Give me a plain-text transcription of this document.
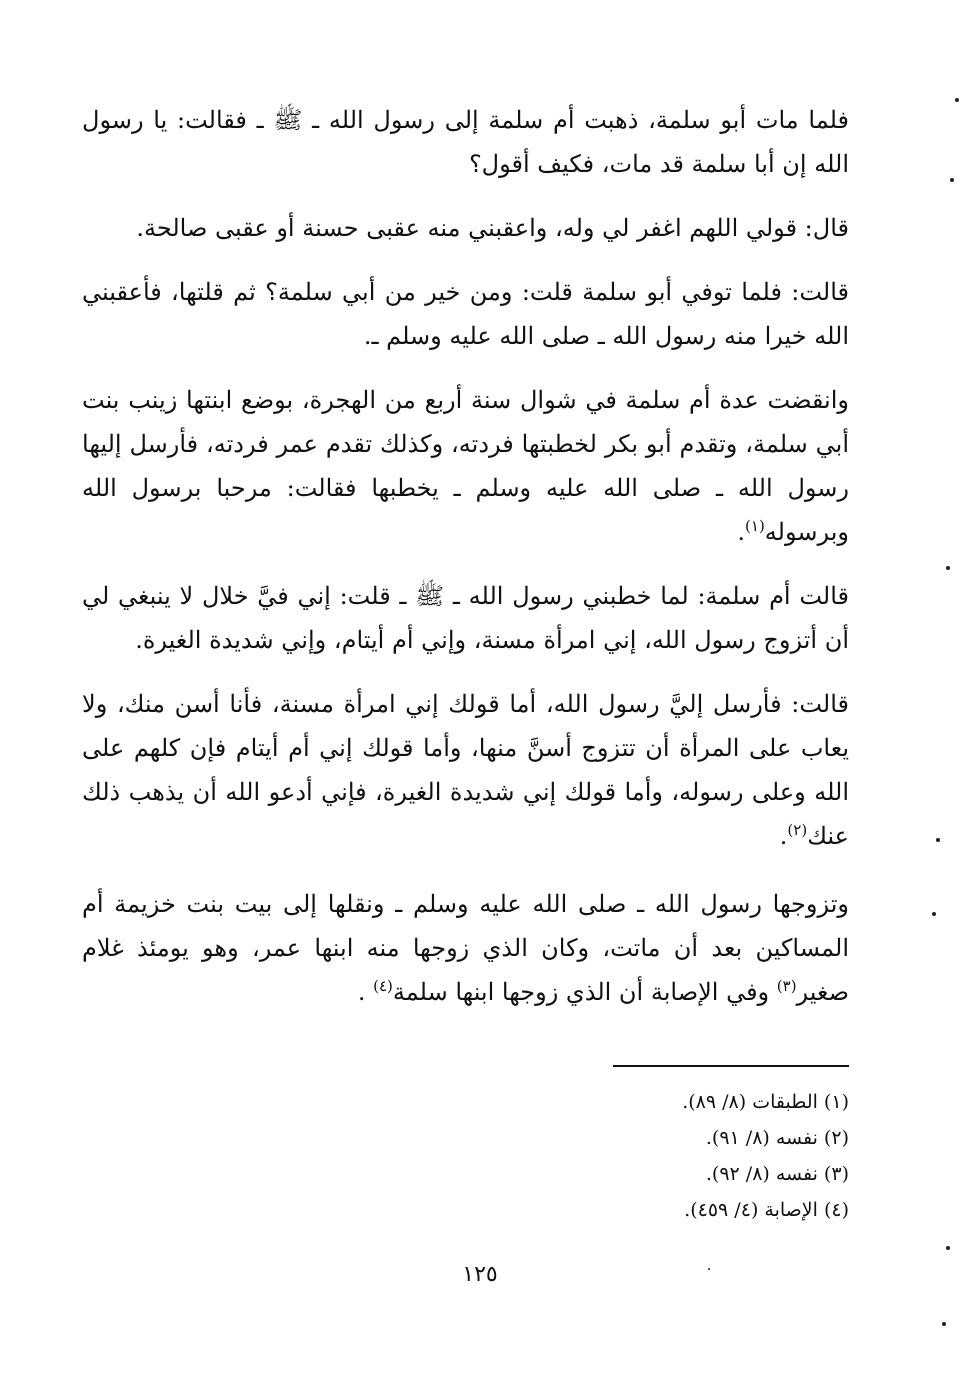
فلما مات أبو سلمة، ذهبت أم سلمة إلى رسول الله ـ ﷺ ـ فقالت: يا رسول الله إن أبا سلمة قد مات، فكيف أقول؟

قال: قولي اللهم اغفر لي وله، واعقبني منه عقبى حسنة أو عقبى صالحة.

قالت: فلما توفي أبو سلمة قلت: ومن خير من أبي سلمة؟ ثم قلتها، فأعقبني الله خيرا منه رسول الله ـ صلى الله عليه وسلم ـ.

وانقضت عدة أم سلمة في شوال سنة أربع من الهجرة، بوضع ابنتها زينب بنت أبي سلمة، وتقدم أبو بكر لخطبتها فردته، وكذلك تقدم عمر فردته، فأرسل إليها رسول الله ـ صلى الله عليه وسلم ـ يخطبها فقالت: مرحبا برسول الله وبرسوله$^{(١)}$.

قالت أم سلمة: لما خطبني رسول الله ـ ﷺ ـ قلت: إني فيَّ خلال لا ينبغي لي أن أتزوج رسول الله، إني امرأة مسنة، وإني أم أيتام، وإني شديدة الغيرة.

قالت: فأرسل إليَّ رسول الله، أما قولك إني امرأة مسنة، فأنا أسن منك، ولا يعاب على المرأة أن تتزوج أسنَّ منها، وأما قولك إني أم أيتام فإن كلهم على الله وعلى رسوله، وأما قولك إني شديدة الغيرة، فإني أدعو الله أن يذهب ذلك عنك$^{(٢)}$.

وتزوجها رسول الله ـ صلى الله عليه وسلم ـ ونقلها إلى بيت بنت خزيمة أم المساكين بعد أن ماتت، وكان الذي زوجها منه ابنها عمر، وهو يومئذ غلام صغير$^{(٣)}$ وفي الإصابة أن الذي زوجها ابنها سلمة$^{(٤)}$ .

(١) الطبقات (٨/ ٨٩).
(٢) نفسه (٨/ ٩١).
(٣) نفسه (٨/ ٩٢).
(٤) الإصابة (٤/ ٤٥٩).
١٢٥
